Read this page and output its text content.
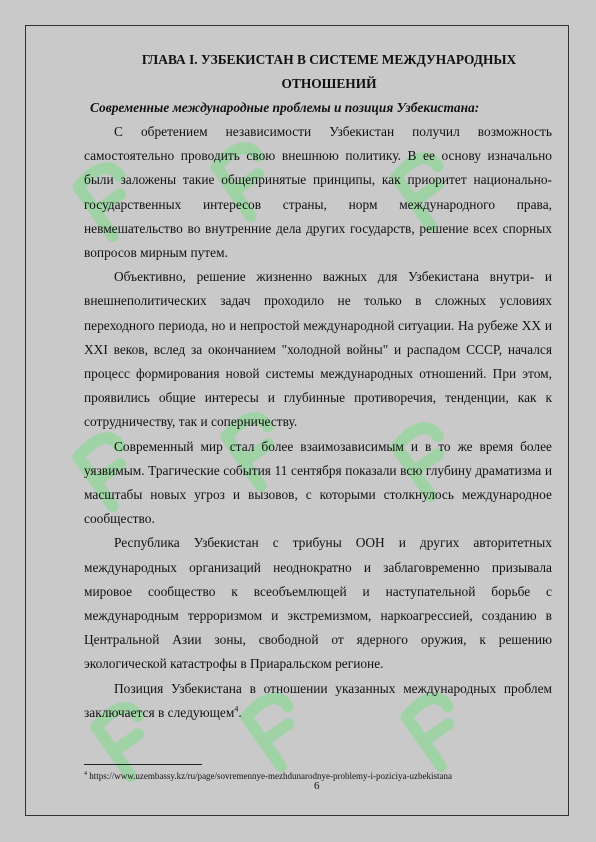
ГЛАВА I. УЗБЕКИСТАН В СИСТЕМЕ МЕЖДУНАРОДНЫХ ОТНОШЕНИЙ
Современные международные проблемы и позиция Узбекистана:

С обретением независимости Узбекистан получил возможность самостоятельно проводить свою внешнюю политику. В ее основу изначально были заложены такие общепринятые принципы, как приоритет национально-государственных интересов страны, норм международного права, невмешательство во внутренние дела других государств, решение всех спорных вопросов мирным путем.

Объективно, решение жизненно важных для Узбекистана внутри- и внешнеполитических задач проходило не только в сложных условиях переходного периода, но и непростой международной ситуации. На рубеже XX и XXI веков, вслед за окончанием "холодной войны" и распадом СССР, начался процесс формирования новой системы международных отношений. При этом, проявились общие интересы и глубинные противоречия, тенденции, как к сотрудничеству, так и соперничеству.

Современный мир стал более взаимозависимым и в то же время более уязвимым. Трагические события 11 сентября показали всю глубину драматизма и масштабы новых угроз и вызовов, с которыми столкнулось международное сообщество.

Республика Узбекистан с трибуны ООН и других авторитетных международных организаций неоднократно и заблаговременно призывала мировое сообщество к всеобъемлющей и наступательной борьбе с международным терроризмом и экстремизмом, наркоагрессией, созданию в Центральной Азии зоны, свободной от ядерного оружия, к решению экологической катастрофы в Приаральском регионе.

Позиция Узбекистана в отношении указанных международных проблем заключается в следующем$^4$.

$^4$ https://www.uzembassy.kz/ru/page/sovremennye-mezhdunarodnye-problemy-i-poziciya-uzbekistana
6
